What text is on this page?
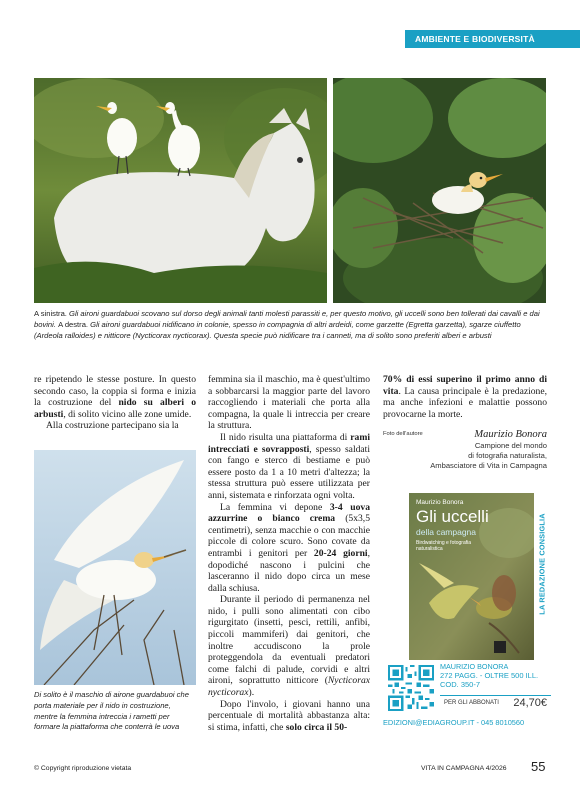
AMBIENTE E BIODIVERSITÀ
A sinistra. Gli aironi guardabuoi scovano sul dorso degli animali tanti molesti parassiti e, per questo motivo, gli uccelli sono ben tollerati dai cavalli e dai bovini. A destra. Gli aironi guardabuoi nidificano in colonie, spesso in compagnia di altri ardeidi, come garzette (Egretta garzetta), sgarze ciuffetto (Ardeola ralloides) e nitticore (Nycticorax nycticorax). Questa specie può nidificare tra i canneti, ma di solito sono preferiti alberi e arbusti

re ripetendo le stesse posture. In questo secondo caso, la coppia si forma e inizia la costruzione del nido su alberi o arbusti, di solito vicino alle zone umide.

Alla costruzione partecipano sia la

Di solito è il maschio di airone guardabuoi che porta materiale per il nido in costruzione, mentre la femmina intreccia i rametti per formare la piattaforma che conterrà le uova

femmina sia il maschio, ma è quest'ultimo a sobbarcarsi la maggior parte del lavoro raccogliendo i materiali che porta alla compagna, la quale li intreccia per creare la struttura.

Il nido risulta una piattaforma di rami intrecciati e sovrapposti, spesso saldati con fango e sterco di bestiame e può essere posto da 1 a 10 metri d'altezza; la stessa struttura può essere utilizzata per anni, sistemata e rinforzata ogni volta.

La femmina vi depone 3-4 uova azzurrine o bianco crema (5x3,5 centimetri), senza macchie o con macchie piccole di colore scuro. Sono covate da entrambi i genitori per 20-24 giorni, dopodiché nascono i pulcini che lasceranno il nido dopo circa un mese dalla schiusa.

Durante il periodo di permanenza nel nido, i pulli sono alimentati con cibo rigurgitato (insetti, pesci, rettili, anfibi, piccoli mammiferi) dai genitori, che inoltre accudiscono la prole proteggendola da eventuali predatori come falchi di palude, corvidi e altri aironi, soprattutto nitticore (Nycticorax nycticorax).

Dopo l'involo, i giovani hanno una percentuale di mortalità abbastanza alta: si stima, infatti, che solo circa il 50-

70% di essi superino il primo anno di vita. La causa principale è la predazione, ma anche infezioni e malattie possono provocarne la morte.

Foto dell'autore	Maurizio Bonora
Campione del mondo
di fotografia naturalista,
Ambasciatore di Vita in Campagna
Maurizio Bonora
Gli uccelli
della campagna
Birdwatching e fotografia naturalistica	LA REDAZIONE CONSIGLIA
MAURIZIO BONORA
272 PAGG. - OLTRE 500 ILL.
COD. 350-7
PER GLI ABBONATI 24,70€
EDIZIONI@EDIAGROUP.IT - 045 8010560
© Copyright riproduzione vietata	VITA IN CAMPAGNA 4/2026 55
